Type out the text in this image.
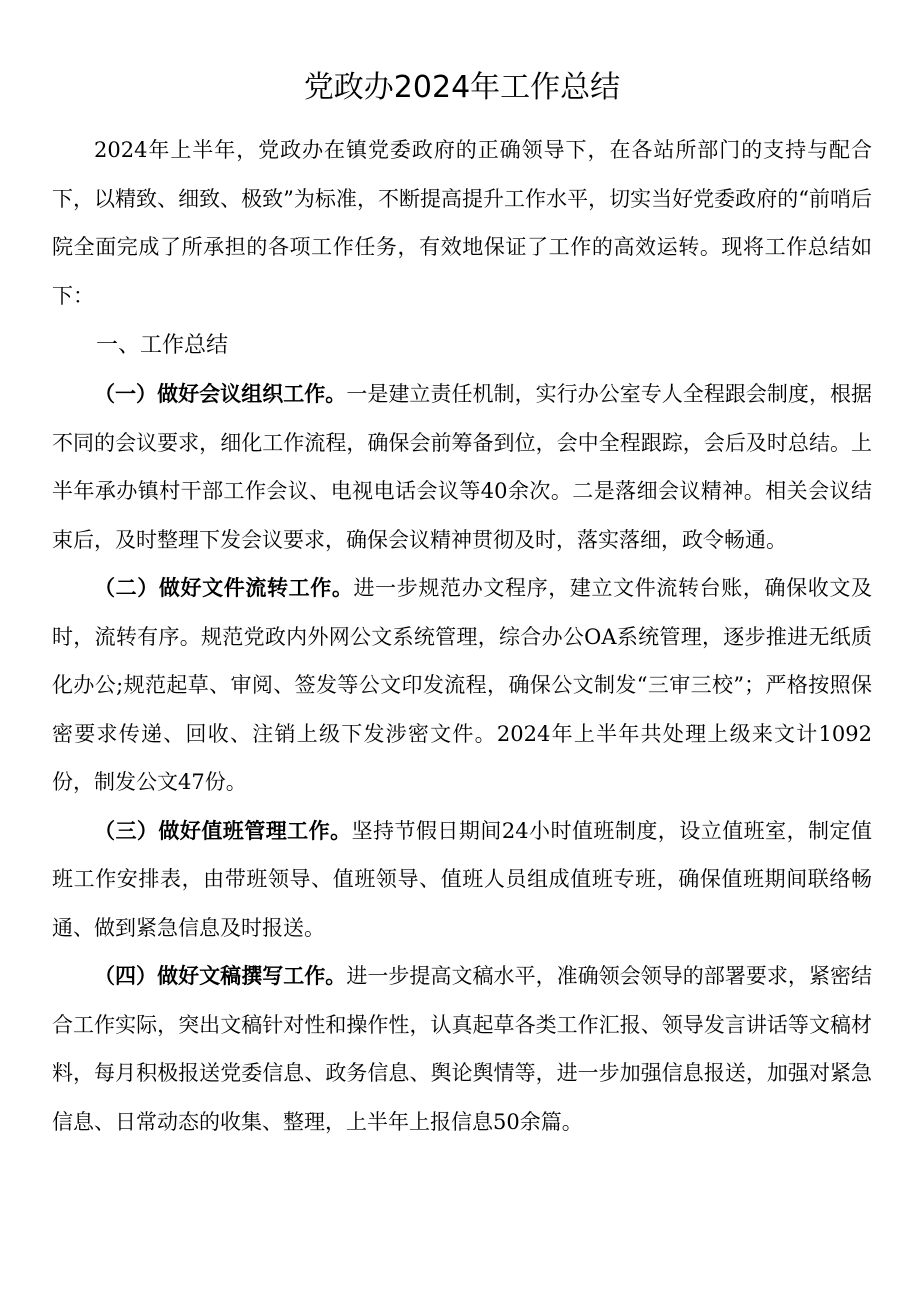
党政办2024年工作总结

2024年上半年，党政办在镇党委政府的正确领导下，在各站所部门的支持与配合下，以精致、细致、极致”为标准，不断提高提升工作水平，切实当好党委政府的“前哨后院全面完成了所承担的各项工作任务，有效地保证了工作的高效运转。现将工作总结如下：

一、工作总结

（一）做好会议组织工作。一是建立责任机制，实行办公室专人全程跟会制度，根据不同的会议要求，细化工作流程，确保会前筹备到位，会中全程跟踪，会后及时总结。上半年承办镇村干部工作会议、电视电话会议等40余次。二是落细会议精神。相关会议结束后，及时整理下发会议要求，确保会议精神贯彻及时，落实落细，政令畅通。

（二）做好文件流转工作。进一步规范办文程序，建立文件流转台账，确保收文及时，流转有序。规范党政内外网公文系统管理，综合办公OA系统管理，逐步推进无纸质化办公;规范起草、审阅、签发等公文印发流程，确保公文制发“三审三校”；严格按照保密要求传递、回收、注销上级下发涉密文件。2024年上半年共处理上级来文计1092份，制发公文47份。

（三）做好值班管理工作。坚持节假日期间24小时值班制度，设立值班室，制定值班工作安排表，由带班领导、值班领导、值班人员组成值班专班，确保值班期间联络畅通、做到紧急信息及时报送。

（四）做好文稿撰写工作。进一步提高文稿水平，准确领会领导的部署要求，紧密结合工作实际，突出文稿针对性和操作性，认真起草各类工作汇报、领导发言讲话等文稿材料，每月积极报送党委信息、政务信息、舆论舆情等，进一步加强信息报送，加强对紧急信息、日常动态的收集、整理，上半年上报信息50余篇。
